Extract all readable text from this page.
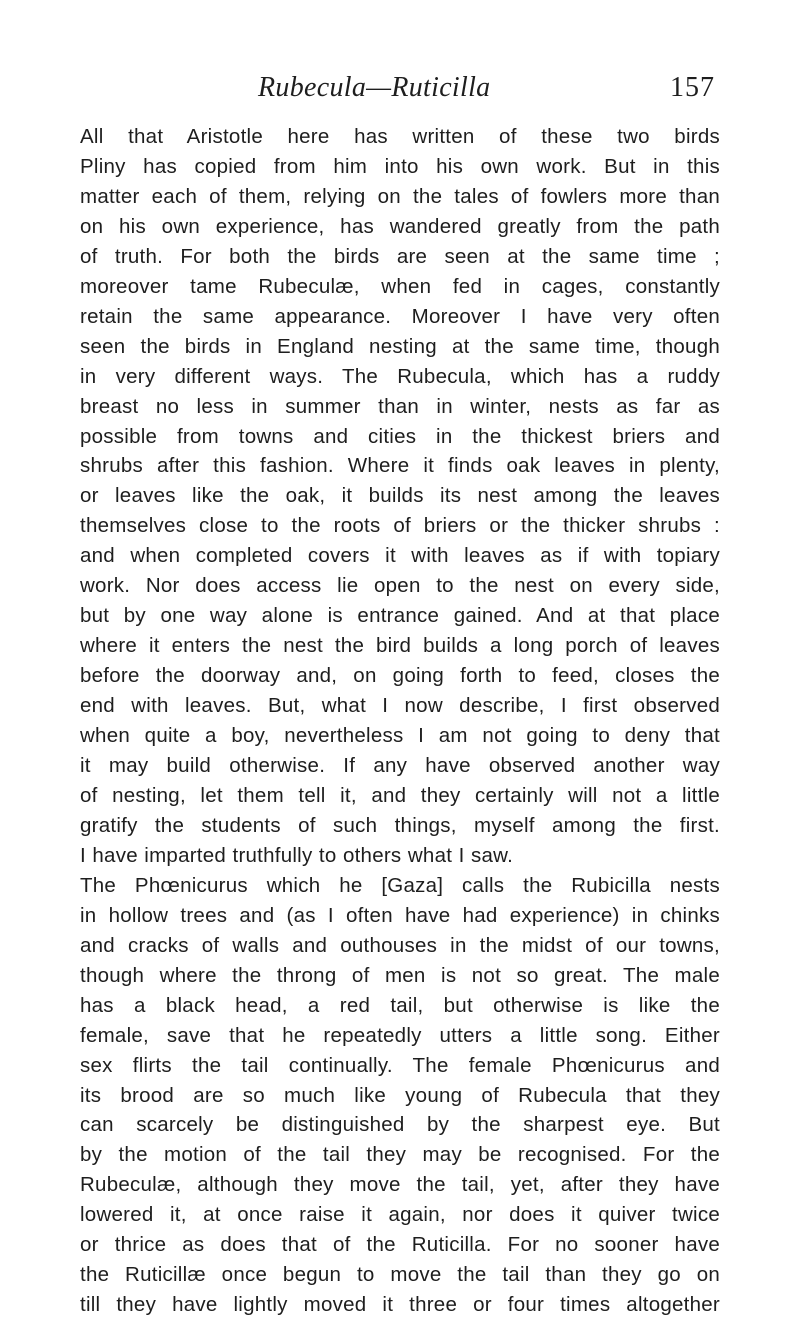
Rubecula—Ruticilla	157
All that Aristotle here has written of these two birds
Pliny has copied from him into his own work. But in this
matter each of them, relying on the tales of fowlers more than
on his own experience, has wandered greatly from the path
of truth. For both the birds are seen at the same time ;
moreover tame Rubeculæ, when fed in cages, constantly
retain the same appearance. Moreover I have very often
seen the birds in England nesting at the same time, though
in very different ways. The Rubecula, which has a ruddy
breast no less in summer than in winter, nests as far as
possible from towns and cities in the thickest briers and
shrubs after this fashion. Where it finds oak leaves in plenty,
or leaves like the oak, it builds its nest among the leaves
themselves close to the roots of briers or the thicker shrubs :
and when completed covers it with leaves as if with topiary
work. Nor does access lie open to the nest on every side,
but by one way alone is entrance gained. And at that place
where it enters the nest the bird builds a long porch of leaves
before the doorway and, on going forth to feed, closes the
end with leaves. But, what I now describe, I first observed
when quite a boy, nevertheless I am not going to deny that
it may build otherwise. If any have observed another way
of nesting, let them tell it, and they certainly will not a little
gratify the students of such things, myself among the first.
I have imparted truthfully to others what I saw.
The Phœnicurus which he [Gaza] calls the Rubicilla nests
in hollow trees and (as I often have had experience) in chinks
and cracks of walls and outhouses in the midst of our towns,
though where the throng of men is not so great. The male
has a black head, a red tail, but otherwise is like the
female, save that he repeatedly utters a little song. Either
sex flirts the tail continually. The female Phœnicurus and
its brood are so much like young of Rubecula that they
can scarcely be distinguished by the sharpest eye. But
by the motion of the tail they may be recognised. For the
Rubeculæ, although they move the tail, yet, after they have
lowered it, at once raise it again, nor does it quiver twice
or thrice as does that of the Ruticilla. For no sooner have
the Ruticillæ once begun to move the tail than they go on
till they have lightly moved it three or four times altogether
